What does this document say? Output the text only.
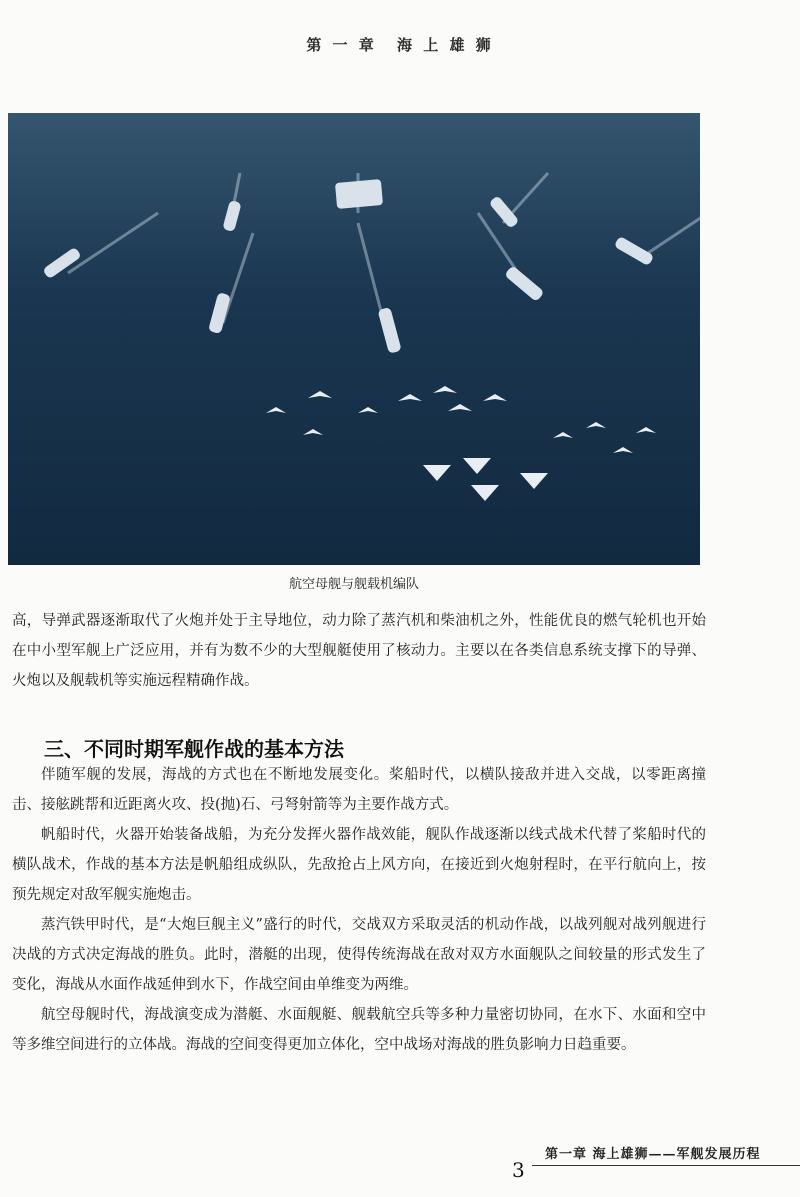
第 一 章 海 上 雄 狮
航空母舰与舰载机编队

高，导弹武器逐渐取代了火炮并处于主导地位，动力除了蒸汽机和柴油机之外，性能优良的燃气轮机也开始在中小型军舰上广泛应用，并有为数不少的大型舰艇使用了核动力。主要以在各类信息系统支撑下的导弹、火炮以及舰载机等实施远程精确作战。

三、不同时期军舰作战的基本方法

伴随军舰的发展，海战的方式也在不断地发展变化。桨船时代，以横队接敌并进入交战，以零距离撞击、接舷跳帮和近距离火攻、投(抛)石、弓弩射箭等为主要作战方式。

帆船时代，火器开始装备战船，为充分发挥火器作战效能，舰队作战逐渐以线式战术代替了桨船时代的横队战术，作战的基本方法是帆船组成纵队，先敌抢占上风方向，在接近到火炮射程时，在平行航向上，按预先规定对敌军舰实施炮击。

蒸汽铁甲时代，是“大炮巨舰主义”盛行的时代，交战双方采取灵活的机动作战，以战列舰对战列舰进行决战的方式决定海战的胜负。此时，潜艇的出现，使得传统海战在敌对双方水面舰队之间较量的形式发生了变化，海战从水面作战延伸到水下，作战空间由单维变为两维。

航空母舰时代，海战演变成为潜艇、水面舰艇、舰载航空兵等多种力量密切协同，在水下、水面和空中等多维空间进行的立体战。海战的空间变得更加立体化，空中战场对海战的胜负影响力日趋重要。

第一章 海上雄狮——军舰发展历程
3
